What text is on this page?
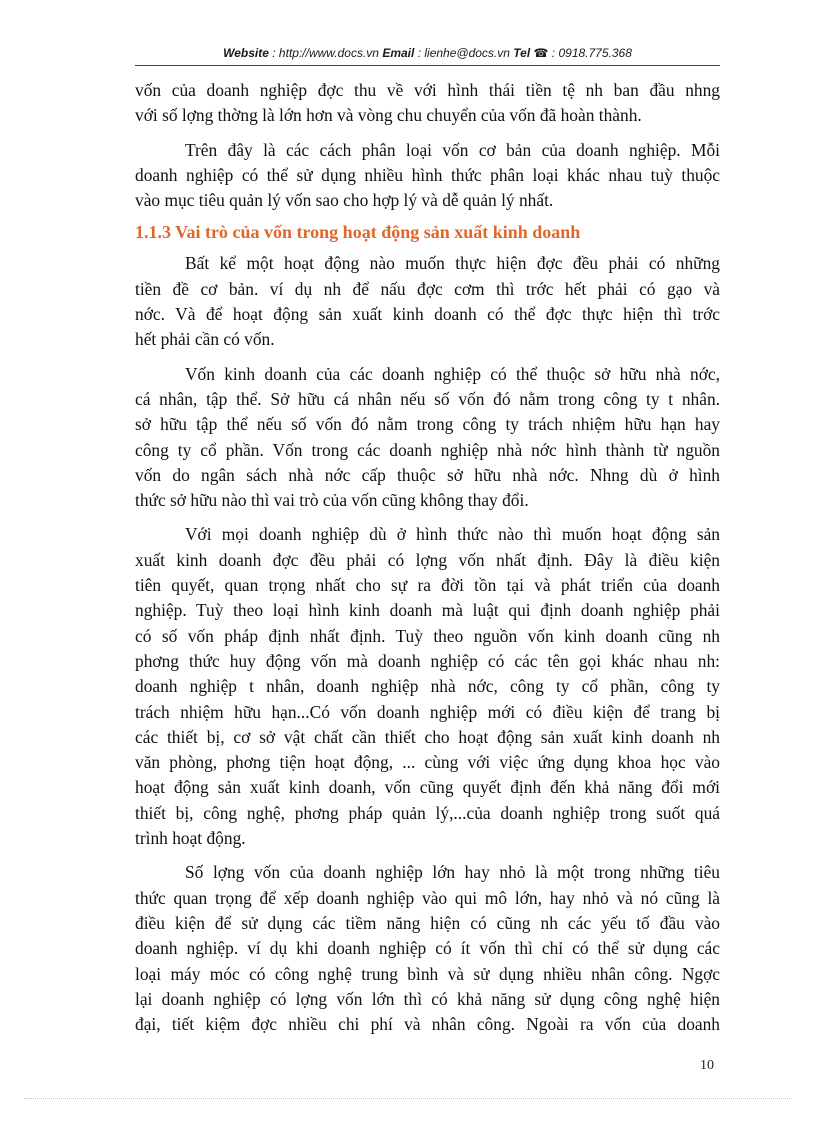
Website : http://www.docs.vn Email : lienhe@docs.vn Tel ☎ : 0918.775.368
vốn của doanh nghiệp đợc thu về với hình thái tiền tệ nh ban đầu nhng
với số lợng thờng là lớn hơn và vòng chu chuyển của vốn đã hoàn thành.
Trên đây là các cách phân loại vốn cơ bản của doanh nghiệp. Mỗi
doanh nghiệp có thể sử dụng nhiều hình thức phân loại khác nhau tuỳ thuộc
vào mục tiêu quản lý vốn sao cho hợp lý và dễ quản lý nhất.
1.1.3 Vai trò của vốn trong hoạt động sản xuất kinh doanh
Bất kể một hoạt động nào muốn thực hiện đợc đều phải có những
tiền đề cơ bản. ví dụ nh để nấu đợc cơm thì trớc hết phải có gạo và
nớc. Và để hoạt động sản xuất kinh doanh có thể đợc thực hiện thì trớc
hết phải cần có vốn.
Vốn kinh doanh của các doanh nghiệp có thể thuộc sở hữu nhà nớc,
cá nhân, tập thể. Sở hữu cá nhân nếu số vốn đó nằm trong công ty t nhân.
sở hữu tập thể nếu số vốn đó nằm trong công ty trách nhiệm hữu hạn hay
công ty cổ phần. Vốn trong các doanh nghiệp nhà nớc hình thành từ nguồn
vốn do ngân sách nhà nớc cấp thuộc sở hữu nhà nớc. Nhng dù ở hình
thức sở hữu nào thì vai trò của vốn cũng không thay đổi.
Với mọi doanh nghiệp dù ở hình thức nào thì muốn hoạt động sản
xuất kinh doanh đợc đều phải có lợng vốn nhất định. Đây là điều kiện
tiên quyết, quan trọng nhất cho sự ra đời tồn tại và phát triển của doanh
nghiệp. Tuỳ theo loại hình kinh doanh mà luật qui định doanh nghiệp phải
có số vốn pháp định nhất định. Tuỳ theo nguồn vốn kinh doanh cũng nh
phơng thức huy động vốn mà doanh nghiệp có các tên gọi khác nhau nh:
doanh nghiệp t nhân, doanh nghiệp nhà nớc, công ty cổ phần, công ty
trách nhiệm hữu hạn...Có vốn doanh nghiệp mới có điều kiện để trang bị
các thiết bị, cơ sở vật chất cần thiết cho hoạt động sản xuất kinh doanh nh
văn phòng, phơng tiện hoạt động, ... cùng với việc ứng dụng khoa học vào
hoạt động sản xuất kinh doanh, vốn cũng quyết định đến khả năng đổi mới
thiết bị, công nghệ, phơng pháp quản lý,...của doanh nghiệp trong suốt quá
trình hoạt động.
Số lợng vốn của doanh nghiệp lớn hay nhỏ là một trong những tiêu
thức quan trọng để xếp doanh nghiệp vào qui mô lớn, hay nhỏ và nó cũng là
điều kiện để sử dụng các tiềm năng hiện có cũng nh các yếu tố đầu vào
doanh nghiệp. ví dụ khi doanh nghiệp có ít vốn thì chỉ có thể sử dụng các
loại máy móc có công nghệ trung bình và sử dụng nhiều nhân công. Ngợc
lại doanh nghiệp có lợng vốn lớn thì có khả năng sử dụng công nghệ hiện
đại, tiết kiệm đợc nhiều chi phí và nhân công. Ngoài ra vốn của doanh
10
